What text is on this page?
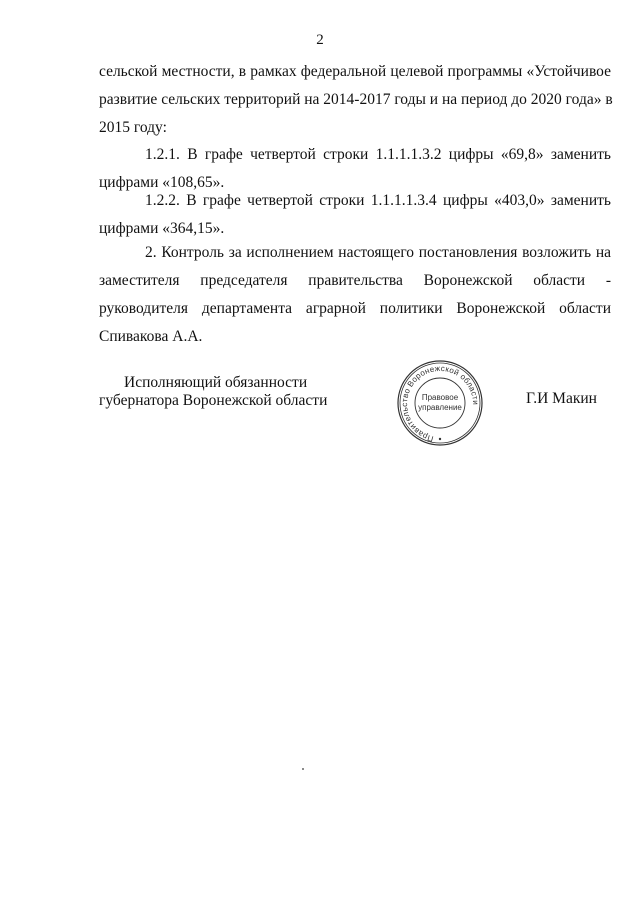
2
сельской местности, в рамках федеральной целевой программы «Устойчивое
развитие сельских территорий на 2014-2017 годы и на период до 2020 года» в
2015 году:
1.2.1. В графе четвертой строки 1.1.1.1.3.2 цифры «69,8» заменить
цифрами «108,65».
1.2.2. В графе четвертой строки 1.1.1.1.3.4 цифры «403,0» заменить
цифрами «364,15».
2. Контроль за исполнением настоящего постановления возложить на
заместителя председателя правительства Воронежской области -
руководителя департамента аграрной политики Воронежской области
Спивакова А.А.
Исполняющий обязанности
губернатора Воронежской области
Правительство Воронежской области
Правовое
управление
Г.И Макин
